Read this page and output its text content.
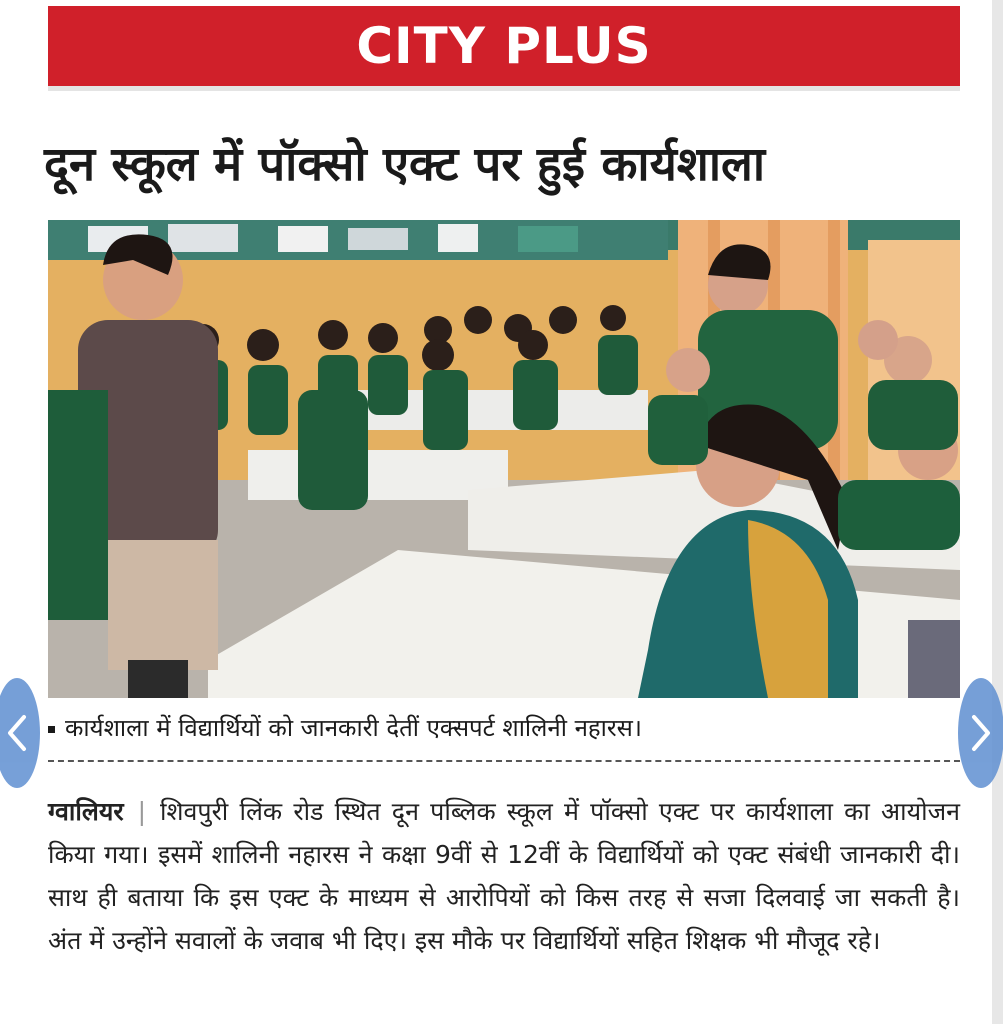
CITY PLUS
दून स्कूल में पॉक्सो एक्ट पर हुई कार्यशाला
कार्यशाला में विद्यार्थियों को जानकारी देतीं एक्सपर्ट शालिनी नहारस।
ग्वालियर | शिवपुरी लिंक रोड स्थित दून पब्लिक स्कूल में पॉक्सो एक्ट पर कार्यशाला का आयोजन किया गया। इसमें शालिनी नहारस ने कक्षा 9वीं से 12वीं के विद्यार्थियों को एक्ट संबंधी जानकारी दी। साथ ही बताया कि इस एक्ट के माध्यम से आरोपियों को किस तरह से सजा दिलवाई जा सकती है। अंत में उन्होंने सवालों के जवाब भी दिए। इस मौके पर विद्यार्थियों सहित शिक्षक भी मौजूद रहे।
